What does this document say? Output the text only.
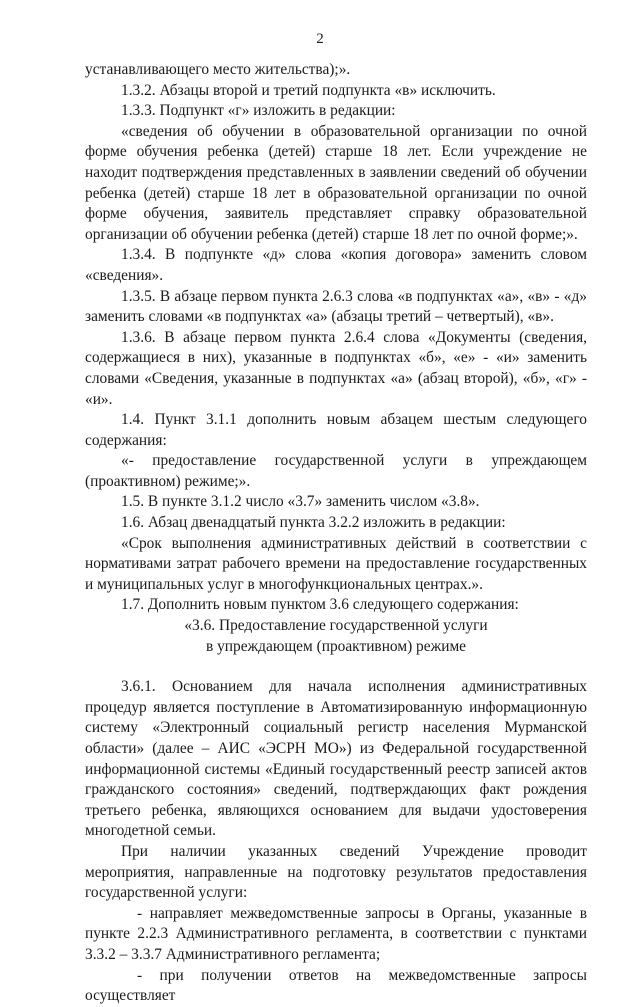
2

устанавливающего место жительства);».

1.3.2. Абзацы второй и третий подпункта «в» исключить.

1.3.3. Подпункт «г» изложить в редакции:

«сведения об обучении в образовательной организации по очной форме обучения ребенка (детей) старше 18 лет. Если учреждение не находит подтверждения представленных в заявлении сведений об обучении ребенка (детей) старше 18 лет в образовательной организации по очной форме обучения, заявитель представляет справку образовательной организации об обучении ребенка (детей) старше 18 лет по очной форме;».

1.3.4. В подпункте «д» слова «копия договора» заменить словом «сведения».

1.3.5. В абзаце первом пункта 2.6.3 слова «в подпунктах «а», «в» - «д» заменить словами «в подпунктах «а» (абзацы третий – четвертый), «в».

1.3.6. В абзаце первом пункта 2.6.4 слова «Документы (сведения, содержащиеся в них), указанные в подпунктах «б», «е» - «и» заменить словами «Сведения, указанные в подпунктах «а» (абзац второй), «б», «г» - «и».

1.4. Пункт 3.1.1 дополнить новым абзацем шестым следующего содержания:

«- предоставление государственной услуги в упреждающем (проактивном) режиме;».

1.5. В пункте 3.1.2 число «3.7» заменить числом «3.8».

1.6. Абзац двенадцатый пункта 3.2.2 изложить в редакции:

«Срок выполнения административных действий в соответствии с нормативами затрат рабочего времени на предоставление государственных и муниципальных услуг в многофункциональных центрах.».

1.7. Дополнить новым пунктом 3.6 следующего содержания:

«3.6. Предоставление государственной услуги

в упреждающем (проактивном) режиме

3.6.1. Основанием для начала исполнения административных процедур является поступление в Автоматизированную информационную систему «Электронный социальный регистр населения Мурманской области» (далее – АИС «ЭСРН МО») из Федеральной государственной информационной системы «Единый государственный реестр записей актов гражданского состояния» сведений, подтверждающих факт рождения третьего ребенка, являющихся основанием для выдачи удостоверения многодетной семьи.

При наличии указанных сведений Учреждение проводит мероприятия, направленные на подготовку результатов предоставления государственной услуги:

- направляет межведомственные запросы в Органы, указанные в пункте 2.2.3 Административного регламента, в соответствии с пунктами 3.3.2 – 3.3.7 Административного регламента;

- при получении ответов на межведомственные запросы осуществляет
